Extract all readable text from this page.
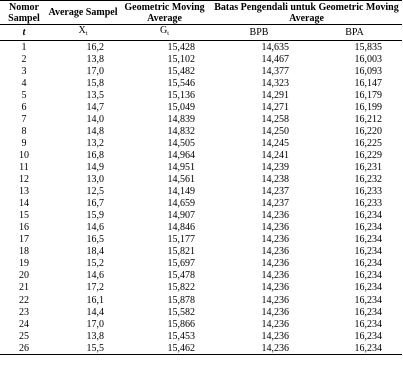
Nomor Sampel	Average Sampel	Geometric Moving Average	Batas Pengendali untuk Geometric Moving Average	
t	$\overline{X}_t$	$G_t$	BPB	BPA
1	16,2	15,428	14,635	15,835
2	13,8	15,102	14,467	16,003
3	17,0	15,482	14,377	16,093
4	15,8	15,546	14,323	16,147
5	13,5	15,136	14,291	16,179
6	14,7	15,049	14,271	16,199
7	14,0	14,839	14,258	16,212
8	14,8	14,832	14,250	16,220
9	13,2	14,505	14,245	16,225
10	16,8	14,964	14,241	16,229
11	14,9	14,951	14,239	16,231
12	13,0	14,561	14,238	16,232
13	12,5	14,149	14,237	16,233
14	16,7	14,659	14,237	16,233
15	15,9	14,907	14,236	16,234
16	14,6	14,846	14,236	16,234
17	16,5	15,177	14,236	16,234
18	18,4	15,821	14,236	16,234
19	15,2	15,697	14,236	16,234
20	14,6	15,478	14,236	16,234
21	17,2	15,822	14,236	16,234
22	16,1	15,878	14,236	16,234
23	14,4	15,582	14,236	16,234
24	17,0	15,866	14,236	16,234
25	13,8	15,453	14,236	16,234
26	15,5	15,462	14,236	16,234
